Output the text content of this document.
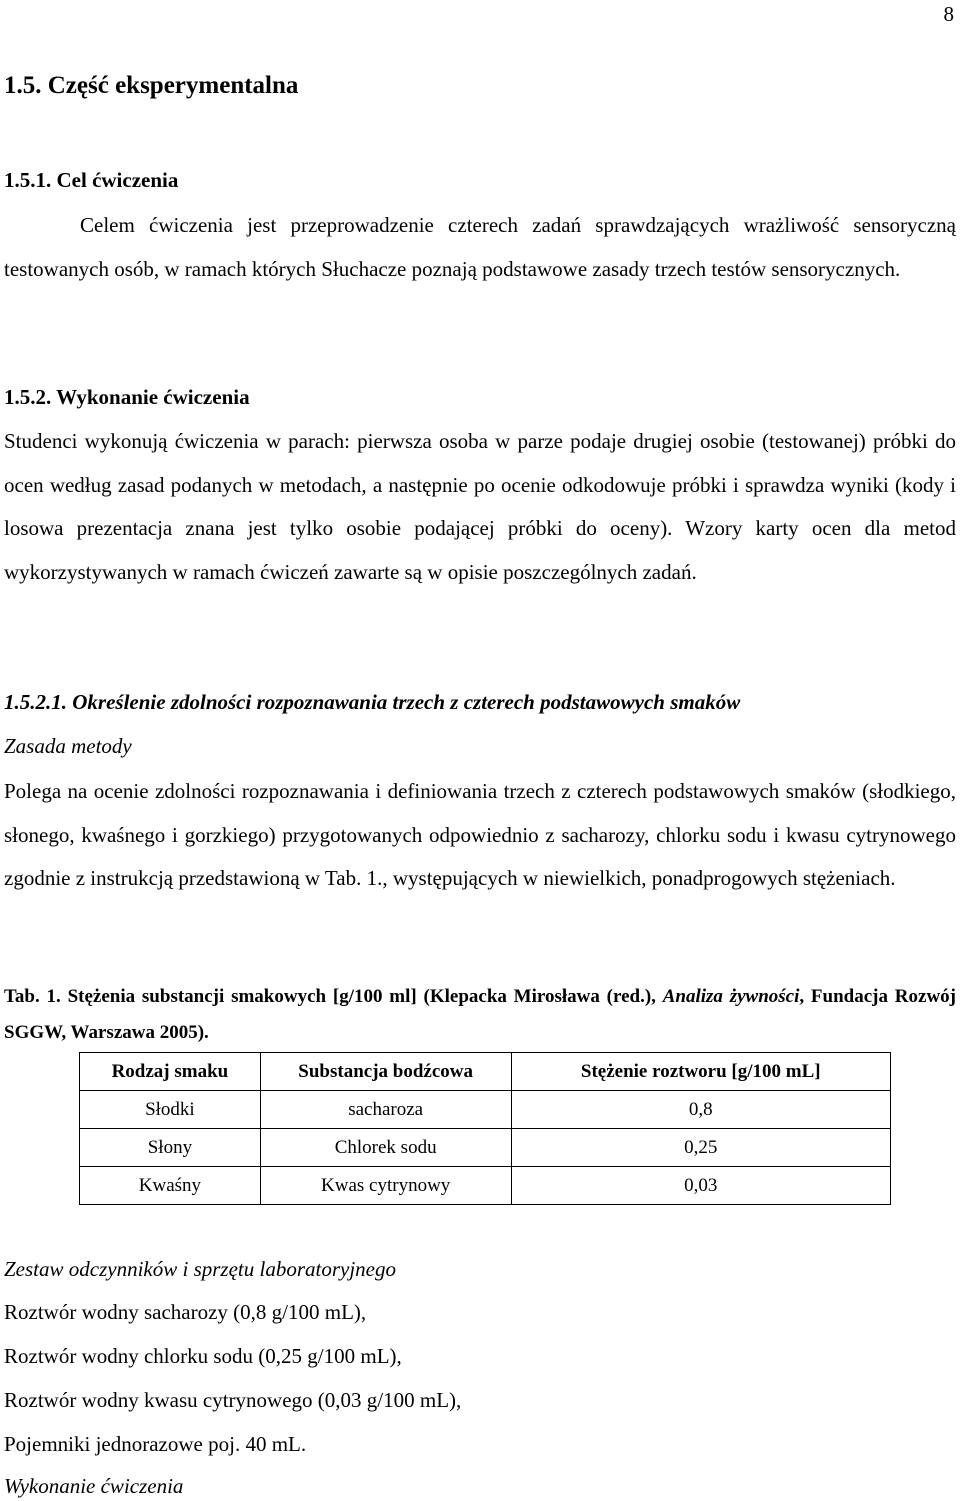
8
1.5. Część eksperymentalna
1.5.1. Cel ćwiczenia
Celem ćwiczenia jest przeprowadzenie czterech zadań sprawdzających wrażliwość sensoryczną testowanych osób, w ramach których Słuchacze poznają podstawowe zasady trzech testów sensorycznych.
1.5.2. Wykonanie ćwiczenia
Studenci wykonują ćwiczenia w parach: pierwsza osoba w parze podaje drugiej osobie (testowanej) próbki do ocen według zasad podanych w metodach, a następnie po ocenie odkodowuje próbki i sprawdza wyniki (kody i losowa prezentacja znana jest tylko osobie podającej próbki do oceny). Wzory karty ocen dla metod wykorzystywanych w ramach ćwiczeń zawarte są w opisie poszczególnych zadań.
1.5.2.1. Określenie zdolności rozpoznawania trzech z czterech podstawowych smaków
Zasada metody
Polega na ocenie zdolności rozpoznawania i definiowania trzech z czterech podstawowych smaków (słodkiego, słonego, kwaśnego i gorzkiego) przygotowanych odpowiednio z sacharozy, chlorku sodu i kwasu cytrynowego zgodnie z instrukcją przedstawioną w Tab. 1., występujących w niewielkich, ponadprogowych stężeniach.
Tab. 1. Stężenia substancji smakowych [g/100 ml] (Klepacka Mirosława (red.), Analiza żywności, Fundacja Rozwój SGGW, Warszawa 2005).
Rodzaj smaku	Substancja bodźcowa	Stężenie roztworu [g/100 mL]
Słodki	sacharoza	0,8
Słony	Chlorek sodu	0,25
Kwaśny	Kwas cytrynowy	0,03
Zestaw odczynników i sprzętu laboratoryjnego
Roztwór wodny sacharozy (0,8 g/100 mL),
Roztwór wodny chlorku sodu (0,25 g/100 mL),
Roztwór wodny kwasu cytrynowego (0,03 g/100 mL),
Pojemniki jednorazowe poj. 40 mL.
Wykonanie ćwiczenia
